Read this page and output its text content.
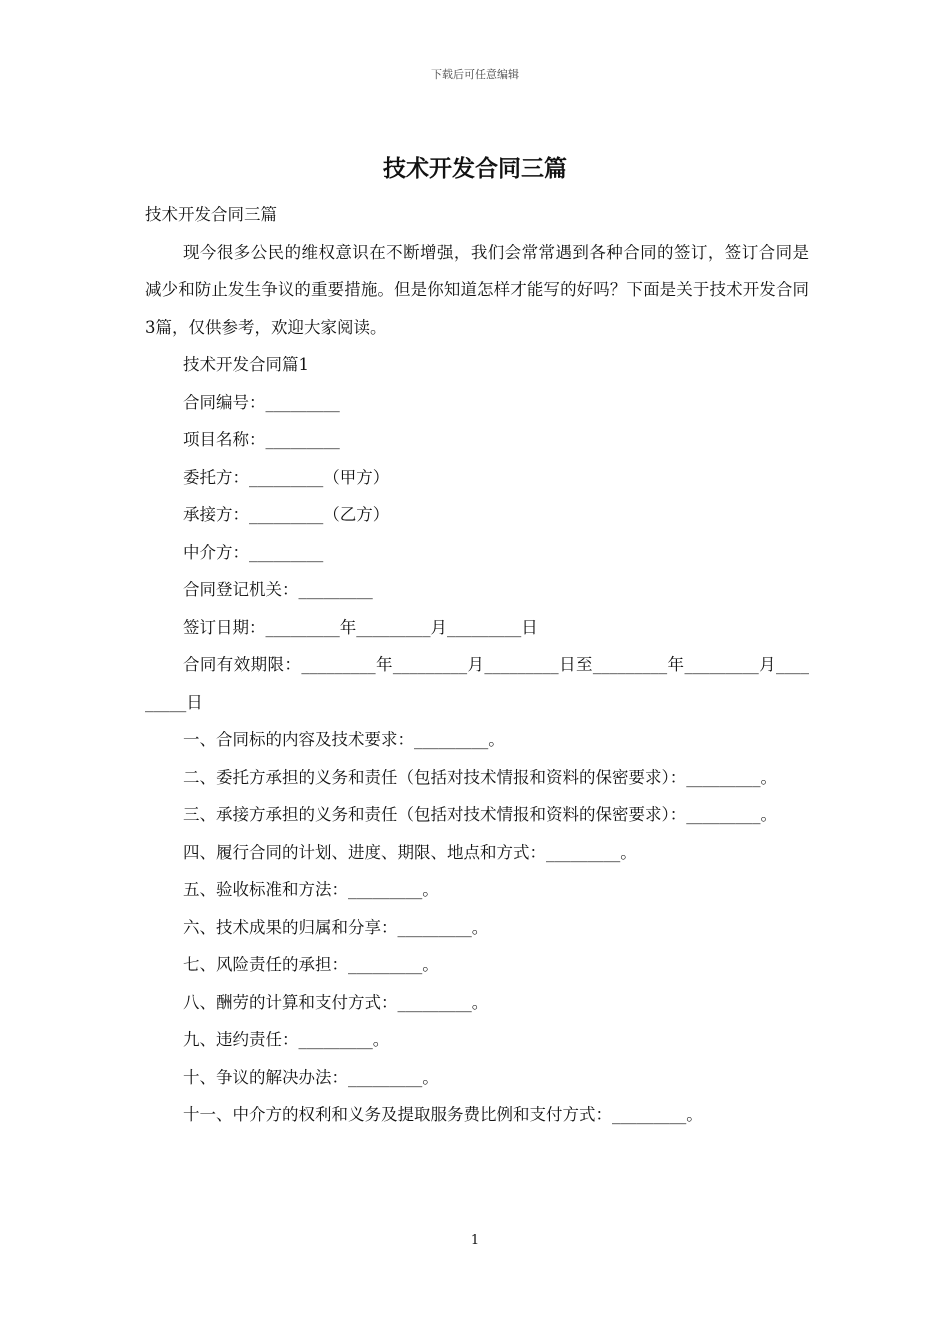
下载后可任意编辑
技术开发合同三篇

技术开发合同三篇

现今很多公民的维权意识在不断增强，我们会常常遇到各种合同的签订，签订合同是减少和防止发生争议的重要措施。但是你知道怎样才能写的好吗？下面是关于技术开发合同3篇，仅供参考，欢迎大家阅读。

技术开发合同篇1

合同编号：_________

项目名称：_________

委托方：_________（甲方）

承接方：_________（乙方）

中介方：_________

合同登记机关：_________

签订日期：_________年_________月_________日

合同有效期限：_________年_________月_________日至_________年_________月_________日

一、合同标的内容及技术要求：_________。

二、委托方承担的义务和责任（包括对技术情报和资料的保密要求）：_________。

三、承接方承担的义务和责任（包括对技术情报和资料的保密要求）：_________。

四、履行合同的计划、进度、期限、地点和方式：_________。

五、验收标准和方法：_________。

六、技术成果的归属和分享：_________。

七、风险责任的承担：_________。

八、酬劳的计算和支付方式：_________。

九、违约责任：_________。

十、争议的解决办法：_________。

十一、中介方的权利和义务及提取服务费比例和支付方式：_________。

1
